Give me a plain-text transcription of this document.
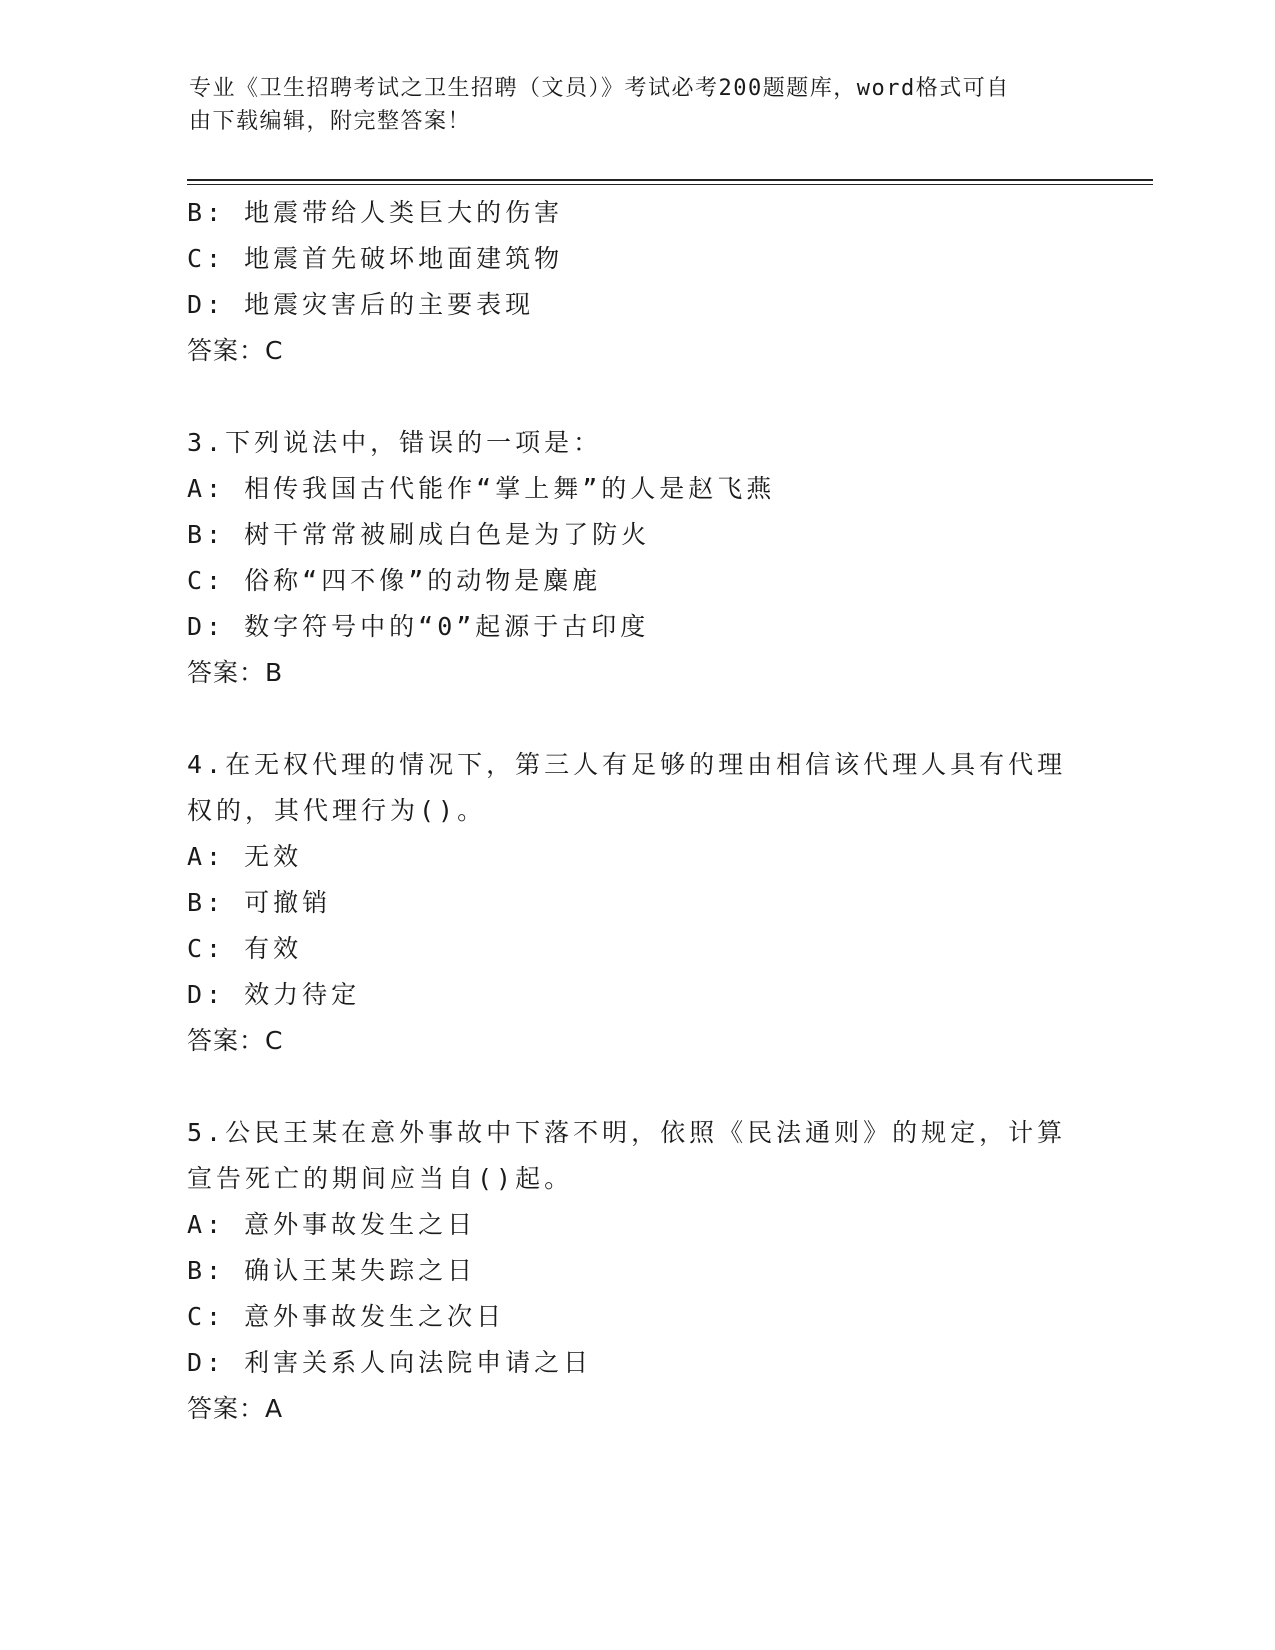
专业《卫生招聘考试之卫生招聘（文员）》考试必考200题题库，word格式可自
由下载编辑，附完整答案！
B: 地震带给人类巨大的伤害
C: 地震首先破坏地面建筑物
D: 地震灾害后的主要表现
答案：C
3.下列说法中，错误的一项是：
A: 相传我国古代能作“掌上舞”的人是赵飞燕
B: 树干常常被刷成白色是为了防火
C: 俗称“四不像”的动物是麋鹿
D: 数字符号中的“0”起源于古印度
答案：B
4.在无权代理的情况下，第三人有足够的理由相信该代理人具有代理
权的，其代理行为()。
A: 无效
B: 可撤销
C: 有效
D: 效力待定
答案：C
5.公民王某在意外事故中下落不明，依照《民法通则》的规定，计算
宣告死亡的期间应当自()起。
A: 意外事故发生之日
B: 确认王某失踪之日
C: 意外事故发生之次日
D: 利害关系人向法院申请之日
答案：A
